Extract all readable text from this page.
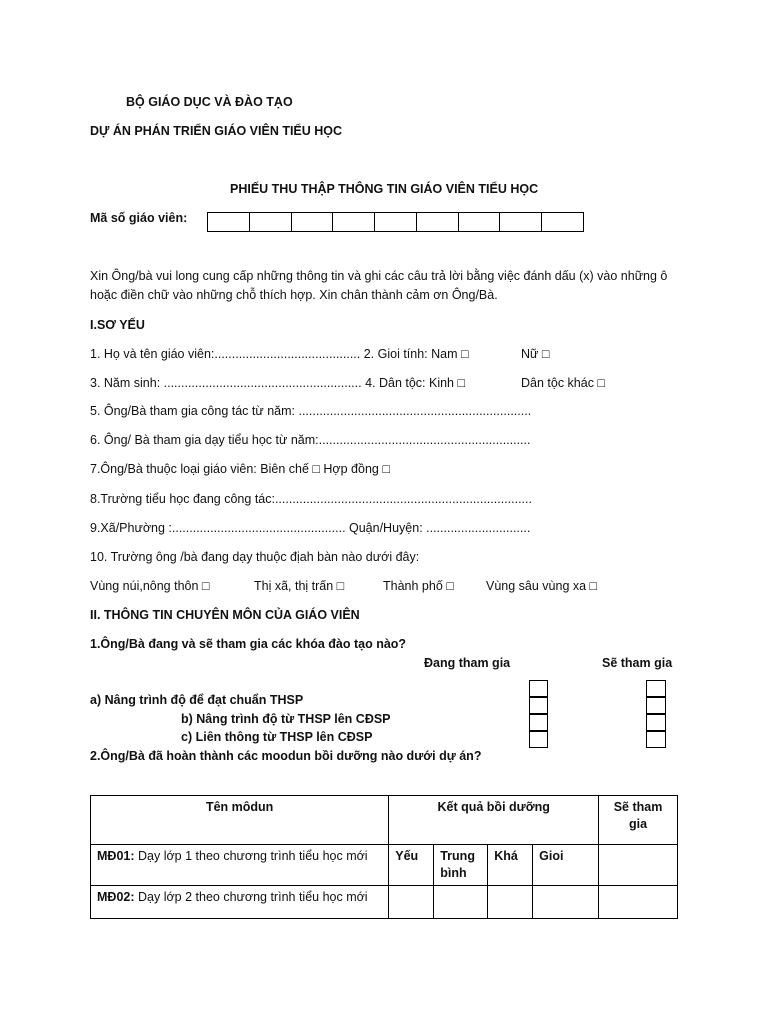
BỘ GIÁO DỤC VÀ ĐÀO TẠO
DỰ ÁN PHÁN TRIỂN GIÁO VIÊN TIỂU HỌC
PHIẾU THU THẬP THÔNG TIN GIÁO VIÊN TIỂU HỌC
Mã số giáo viên:
Xin Ông/bà vui long cung cấp những thông tin và ghi các câu trả lời bằng việc đánh dấu (x) vào những ô
hoặc điền chữ vào những chỗ thích hợp. Xin chân thành cảm ơn Ông/Bà.
I.SƠ YẾU
1. Họ và tên giáo viên:.......................................... 2. Gioi tính: Nam □	Nữ □
3. Năm sinh: ......................................................... 4. Dân tộc: Kinh □	Dân tộc khác □
5. Ông/Bà tham gia công tác từ năm: ...................................................................
6. Ông/ Bà tham gia dạy tiểu học từ năm:.............................................................
7.Ông/Bà thuộc loại giáo viên: Biên chế □ Hợp đồng □
8.Trường tiểu học đang công tác:..........................................................................
9.Xã/Phường :.................................................. Quận/Huyện: ..............................
10. Trường ông /bà đang dạy thuộc địah bàn nào dưới đây:
Vùng núi,nông thôn □	Thị xã, thị trấn □	Thành phố □	Vùng sâu vùng xa □
II. THÔNG TIN CHUYÊN MÔN CỦA GIÁO VIÊN
1.Ông/Bà đang và sẽ tham gia các khóa đào tạo nào?
Đang tham gia	Sẽ tham gia
a) Nâng trình độ để đạt chuẩn THSP
b) Nâng trình độ từ THSP lên CĐSP
c) Liên thông từ THSP lên CĐSP
2.Ông/Bà đã hoàn thành các moodun bồi dưỡng nào dưới dự án?
Tên môdun	Kết quả bồi dưỡng				Sẽ tham gia
MĐ01: Dạy lớp 1 theo chương trình tiểu học mới	Yếu	Trung bình	Khá	Gioi	
MĐ02: Dạy lớp 2 theo chương trình tiểu học mới					
